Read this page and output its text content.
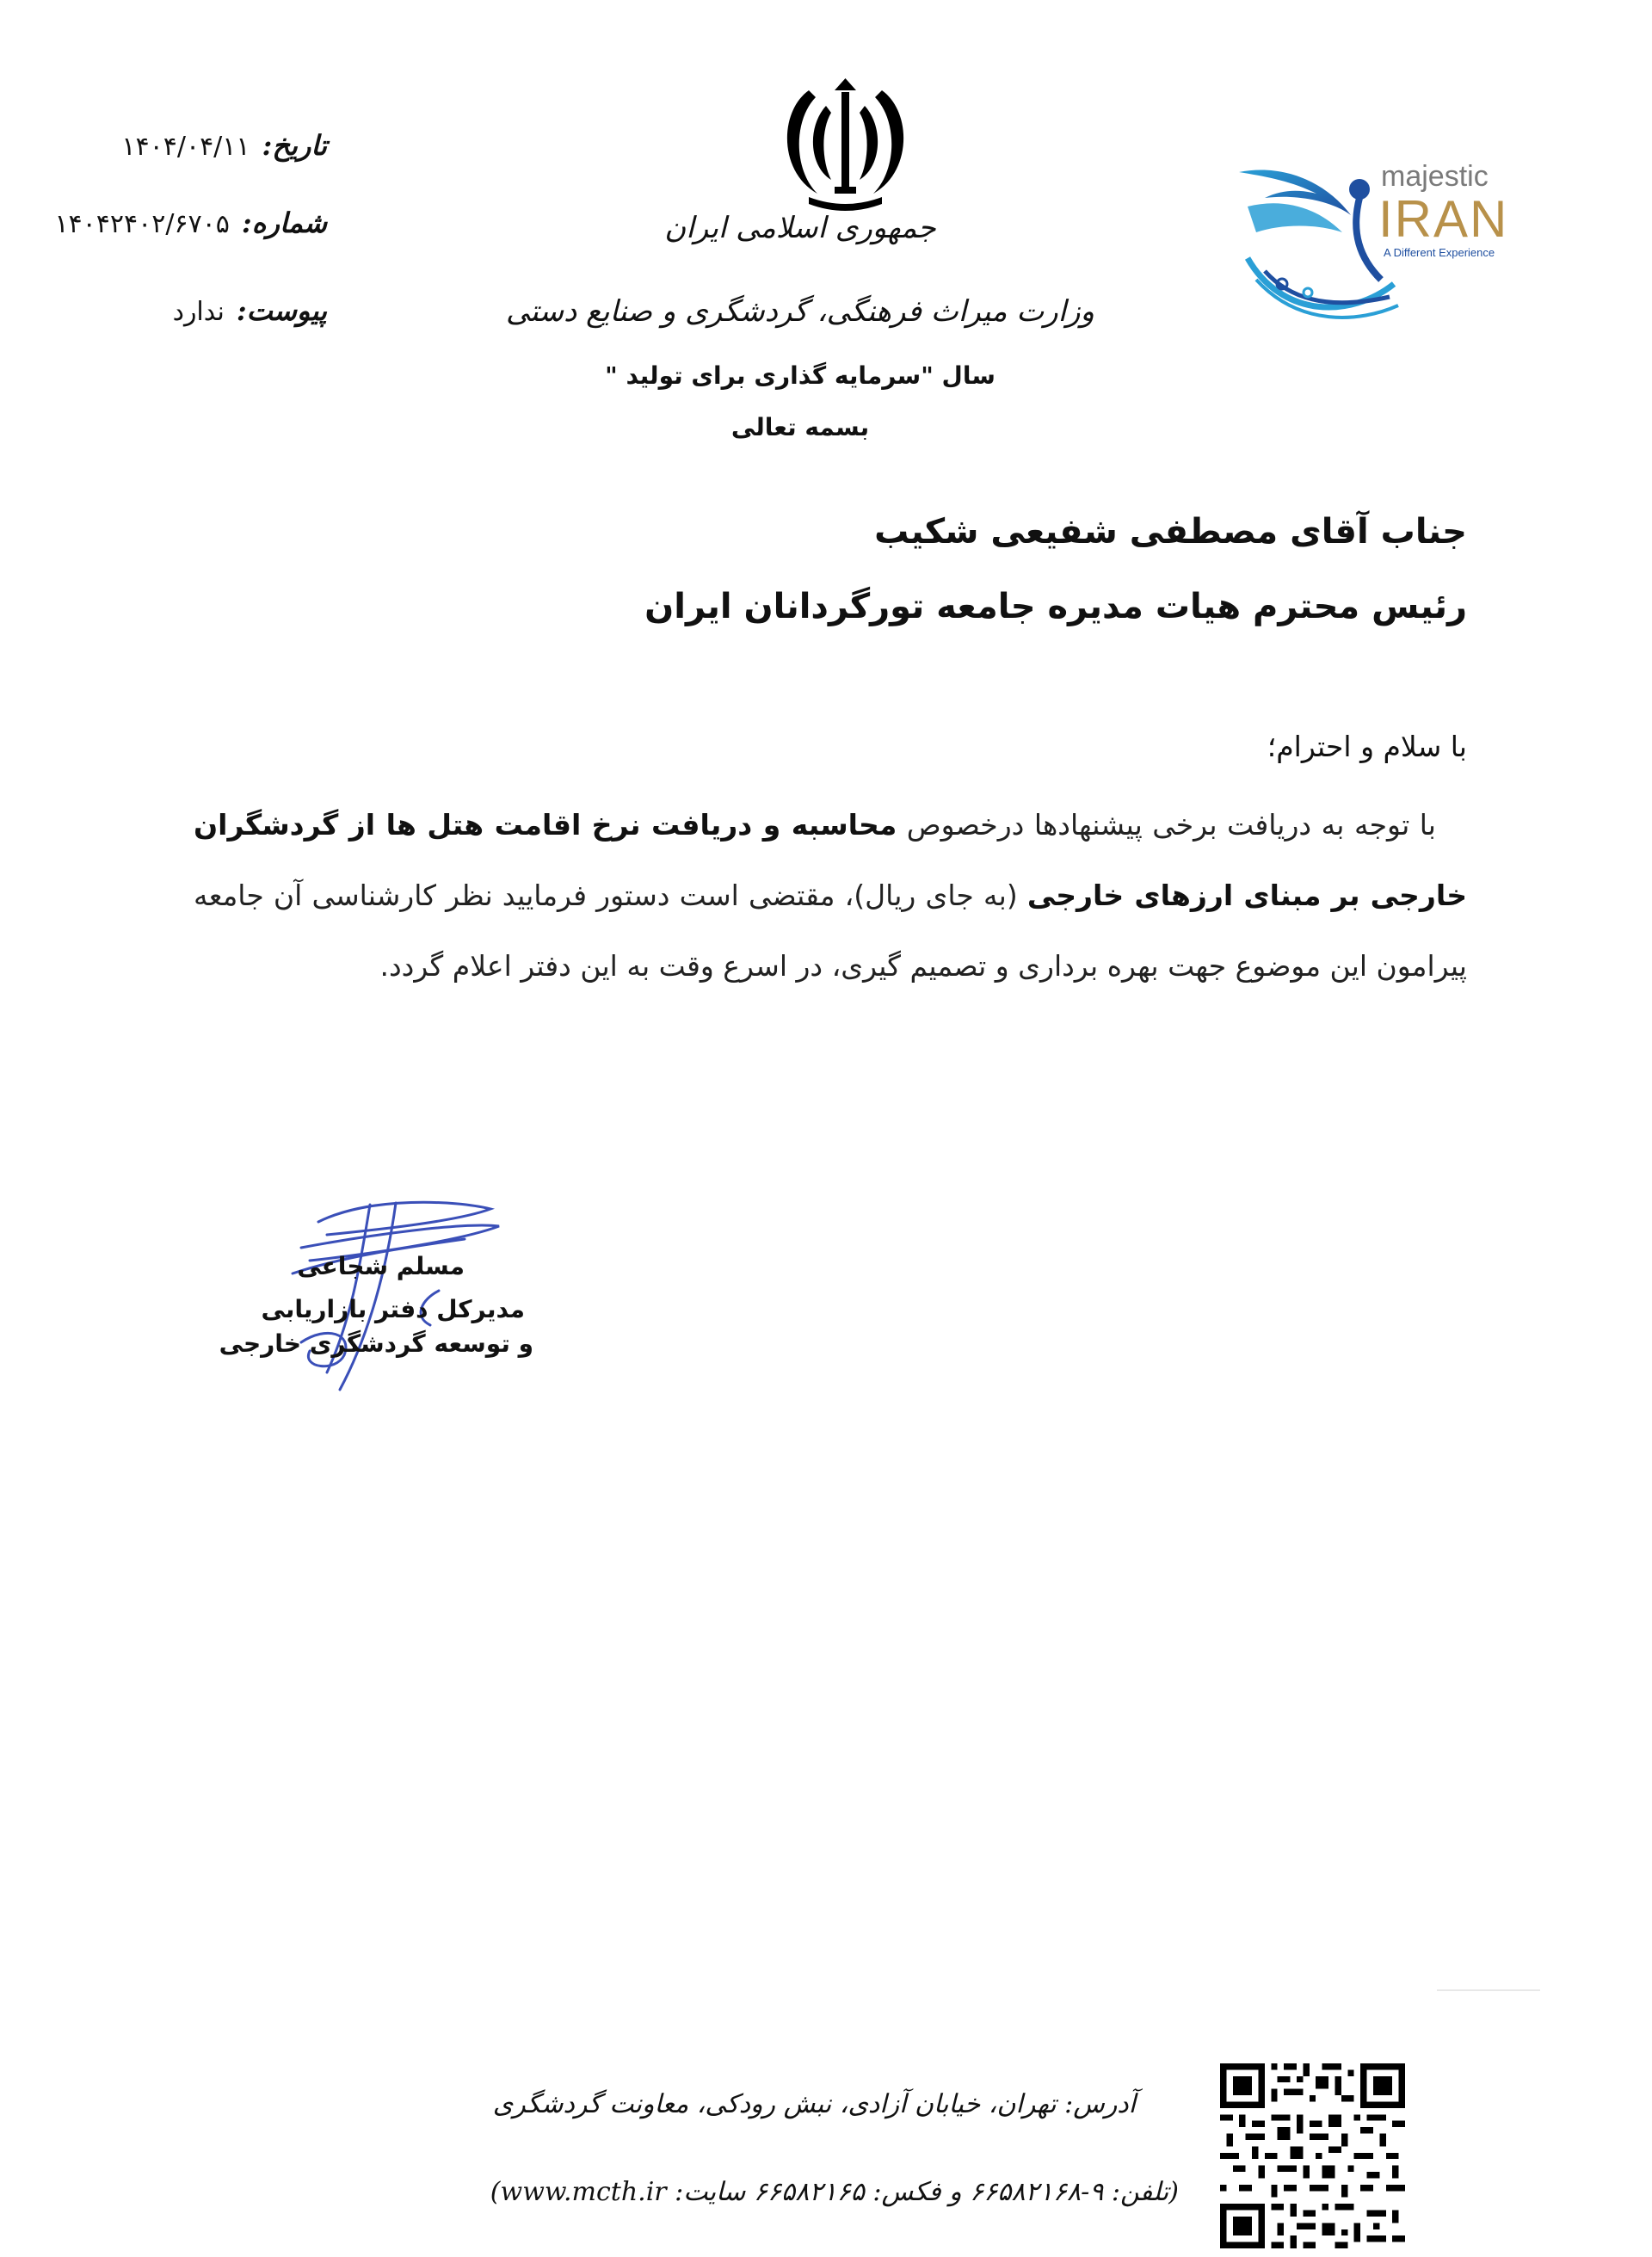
تاریخ:
۱۴۰۴/۰۴/۱۱
شماره:
۱۴۰۴۲۴۰۲/۶۷۰۵
پیوست:
ندارد
جمهوری اسلامی ایران
وزارت میراث فرهنگی، گردشگری و صنایع دستی
سال "سرمایه گذاری برای تولید "
بسمه تعالی
majestic
IRAN
A Different Experience
جناب آقای مصطفی شفیعی شکیب
رئیس محترم هیات مدیره جامعه تورگردانان ایران
با سلام و احترام؛
با توجه به دریافت برخی پیشنهادها درخصوص محاسبه و دریافت نرخ اقامت هتل ها از گردشگران خارجی بر مبنای ارزهای خارجی (به جای ریال)، مقتضی است دستور فرمایید نظر کارشناسی آن جامعه پیرامون این موضوع جهت بهره برداری و تصمیم گیری، در اسرع وقت به این دفتر اعلام گردد.
مسلم شجاعی
مدیرکل دفتر بازاریابی
و توسعه گردشگری خارجی
آدرس: تهران، خیابان آزادی، نبش رودکی، معاونت گردشگری
(تلفن: ۹-۶۶۵۸۲۱۶۸ و فکس: ۶۶۵۸۲۱۶۵ سایت: www.mcth.ir)
